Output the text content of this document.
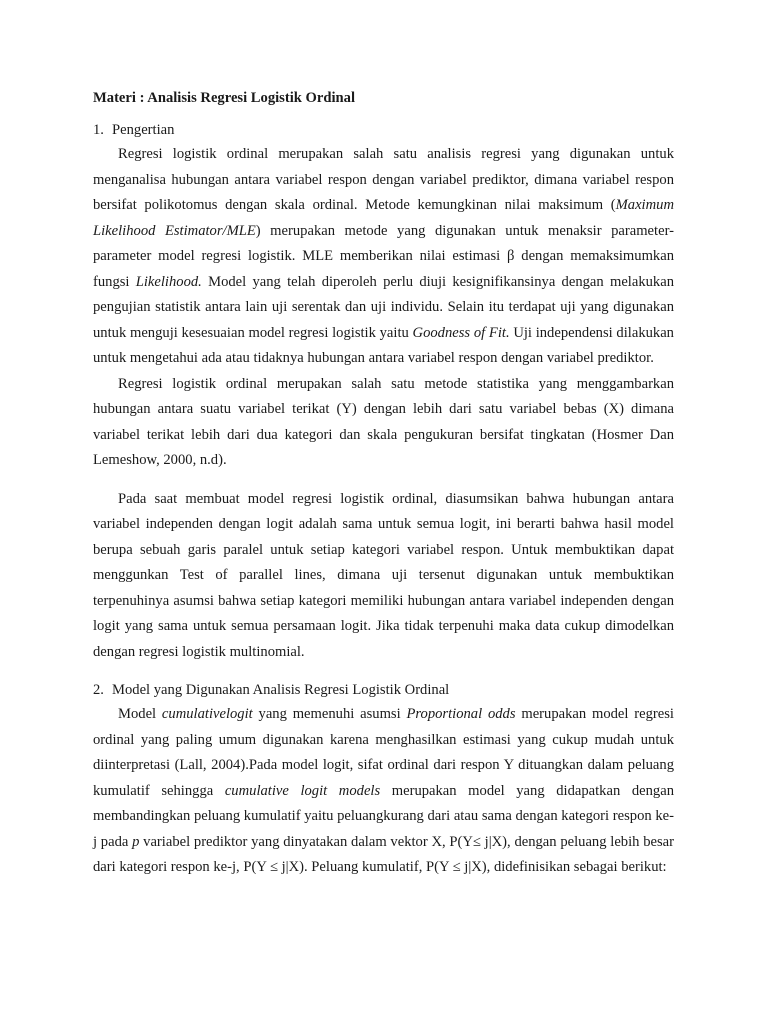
Materi : Analisis Regresi Logistik Ordinal
1. Pengertian

Regresi logistik ordinal merupakan salah satu analisis regresi yang digunakan untuk menganalisa hubungan antara variabel respon dengan variabel prediktor, dimana variabel respon bersifat polikotomus dengan skala ordinal. Metode kemungkinan nilai maksimum (Maximum Likelihood Estimator/MLE) merupakan metode yang digunakan untuk menaksir parameter-parameter model regresi logistik. MLE memberikan nilai estimasi β dengan memaksimumkan fungsi Likelihood. Model yang telah diperoleh perlu diuji kesignifikansinya dengan melakukan pengujian statistik antara lain uji serentak dan uji individu. Selain itu terdapat uji yang digunakan untuk menguji kesesuaian model regresi logistik yaitu Goodness of Fit. Uji independensi dilakukan untuk mengetahui ada atau tidaknya hubungan antara variabel respon dengan variabel prediktor.

Regresi logistik ordinal merupakan salah satu metode statistika yang menggambarkan hubungan antara suatu variabel terikat (Y) dengan lebih dari satu variabel bebas (X) dimana variabel terikat lebih dari dua kategori dan skala pengukuran bersifat tingkatan (Hosmer Dan Lemeshow, 2000, n.d).

Pada saat membuat model regresi logistik ordinal, diasumsikan bahwa hubungan antara variabel independen dengan logit adalah sama untuk semua logit, ini berarti bahwa hasil model berupa sebuah garis paralel untuk setiap kategori variabel respon. Untuk membuktikan dapat menggunkan Test of parallel lines, dimana uji tersenut digunakan untuk membuktikan terpenuhinya asumsi bahwa setiap kategori memiliki hubungan antara variabel independen dengan logit yang sama untuk semua persamaan logit. Jika tidak terpenuhi maka data cukup dimodelkan dengan regresi logistik multinomial.

2. Model yang Digunakan Analisis Regresi Logistik Ordinal

Model cumulativelogit yang memenuhi asumsi Proportional odds merupakan model regresi ordinal yang paling umum digunakan karena menghasilkan estimasi yang cukup mudah untuk diinterpretasi (Lall, 2004).Pada model logit, sifat ordinal dari respon Y dituangkan dalam peluang kumulatif sehingga cumulative logit models merupakan model yang didapatkan dengan membandingkan peluang kumulatif yaitu peluangkurang dari atau sama dengan kategori respon ke-j pada p variabel prediktor yang dinyatakan dalam vektor X, P(Y≤ j|X), dengan peluang lebih besar dari kategori respon ke-j, P(Y ≤ j|X). Peluang kumulatif, P(Y ≤ j|X), didefinisikan sebagai berikut:
